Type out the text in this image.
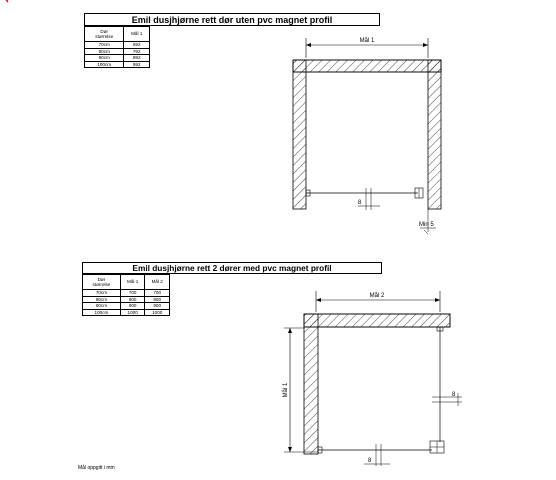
Emil dusjhjørne rett dør uten pvc magnet profil
Dør
størrelse	Mål 1
70cm	692
80cm	792
90cm	892
100cm	992
Mål 1
8
Min 5
Emil dusjhjørne rett 2 dører med pvc magnet profil
Dør
størrelse	Mål 1	Mål 2
70cm	700	700
80cm	800	800
90cm	900	900
100cm	1000	1000
Mål 2
Mål 1	8
8
Mål oppgitt i mm
